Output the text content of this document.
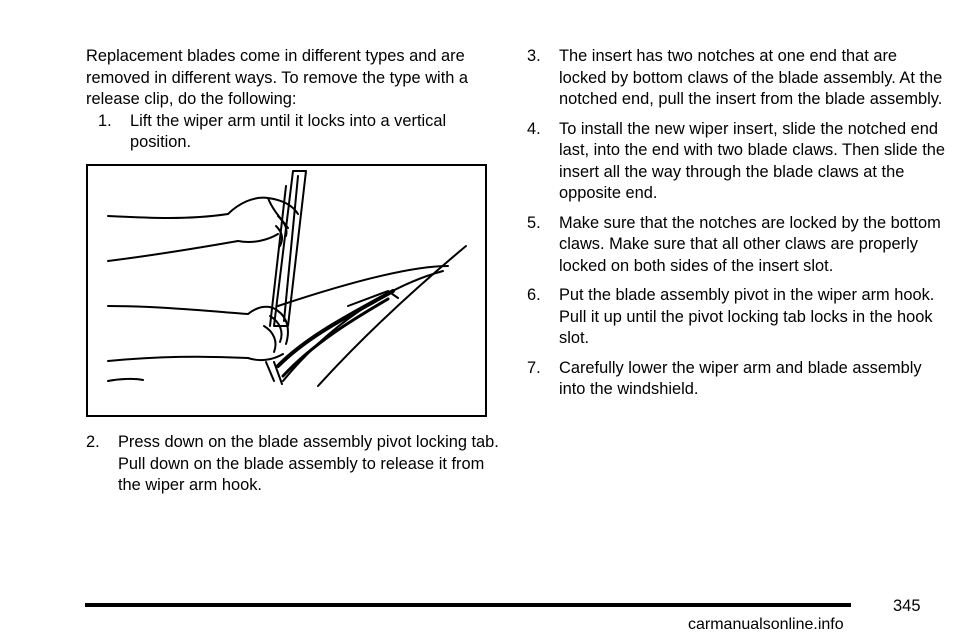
Replacement blades come in different types and are removed in different ways. To remove the type with a release clip, do the following:

1.	Lift the wiper arm until it locks into a vertical position.
2.	Press down on the blade assembly pivot locking tab. Pull down on the blade assembly to release it from the wiper arm hook.
3.	The insert has two notches at one end that are locked by bottom claws of the blade assembly. At the notched end, pull the insert from the blade assembly.
4.	To install the new wiper insert, slide the notched end last, into the end with two blade claws. Then slide the insert all the way through the blade claws at the opposite end.
5.	Make sure that the notches are locked by the bottom claws. Make sure that all other claws are properly locked on both sides of the insert slot.
6.	Put the blade assembly pivot in the wiper arm hook. Pull it up until the pivot locking tab locks in the hook slot.
7.	Carefully lower the wiper arm and blade assembly into the windshield.
345
carmanualsonline.info
